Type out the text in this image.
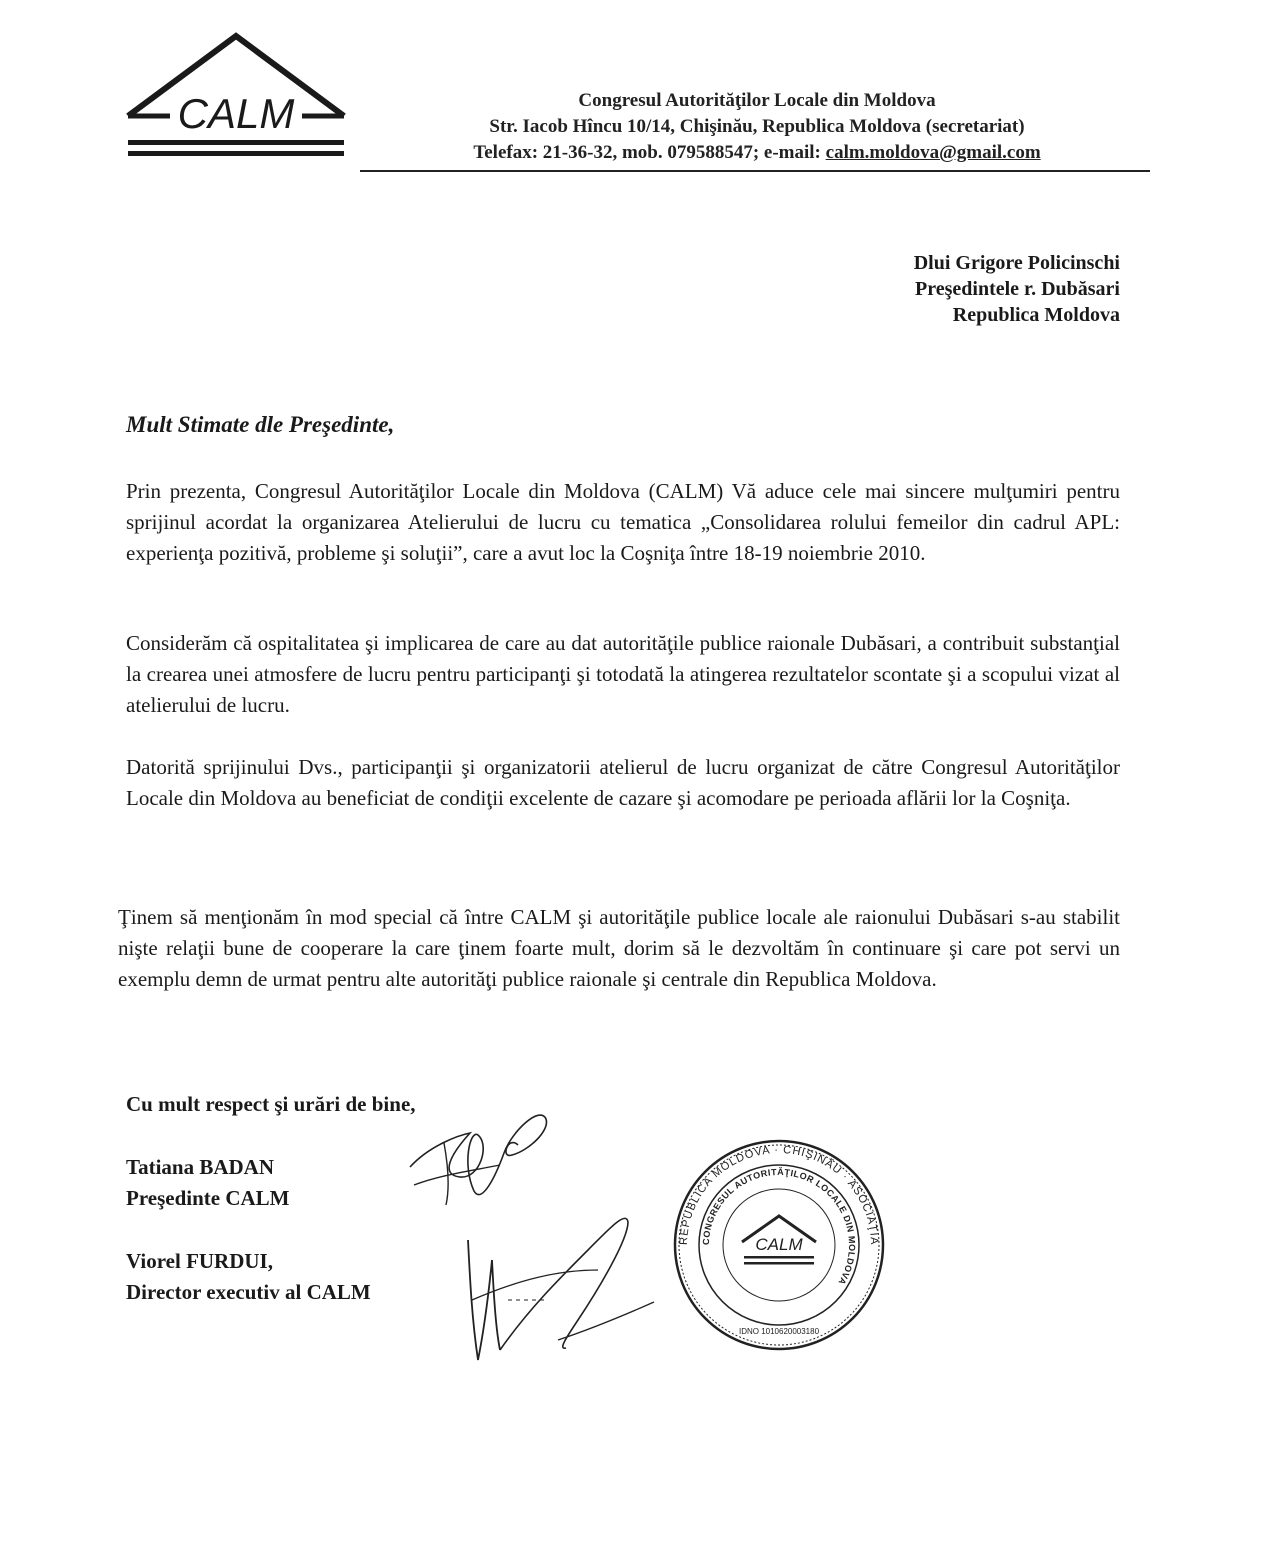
CALM	Congresul Autorităţilor Locale din Moldova
Str. Iacob Hîncu 10/14, Chişinău, Republica Moldova (secretariat)
Telefax: 21-36-32, mob. 079588547; e-mail: calm.moldova@gmail.com
Dlui Grigore Policinschi
Preşedintele r. Dubăsari
Republica Moldova
Mult Stimate dle Preşedinte,

Prin prezenta, Congresul Autorităţilor Locale din Moldova (CALM) Vă aduce cele mai sincere mulţumiri pentru sprijinul acordat la organizarea Atelierului de lucru cu tematica „Consolidarea rolului femeilor din cadrul APL: experienţa pozitivă, probleme şi soluţii”, care a avut loc la Coşniţa între 18-19 noiembrie 2010.

Considerăm că ospitalitatea şi implicarea de care au dat autorităţile publice raionale Dubăsari, a contribuit substanţial la crearea unei atmosfere de lucru pentru participanţi şi totodată la atingerea rezultatelor scontate şi a scopului vizat al atelierului de lucru.

Datorită sprijinului Dvs., participanţii şi organizatorii atelierul de lucru organizat de către Congresul Autorităţilor Locale din Moldova au beneficiat de condiţii excelente de cazare şi acomodare pe perioada aflării lor la Coşniţa.

Ţinem să menţionăm în mod special că între CALM şi autorităţile publice locale ale raionului Dubăsari s-au stabilit nişte relaţii bune de cooperare la care ţinem foarte mult, dorim să le dezvoltăm în continuare şi care pot servi un exemplu demn de urmat pentru alte autorităţi publice raionale şi centrale din Republica Moldova.

Cu mult respect şi urări de bine,
Tatiana BADAN
Preşedinte CALM
Viorel FURDUI,
Director executiv al CALM
REPUBLICA MOLDOVA · CHIŞINĂU · ASOCIAŢIA
CONGRESUL AUTORITĂŢILOR LOCALE DIN MOLDOVA
CALM
IDNO 1010620003180
